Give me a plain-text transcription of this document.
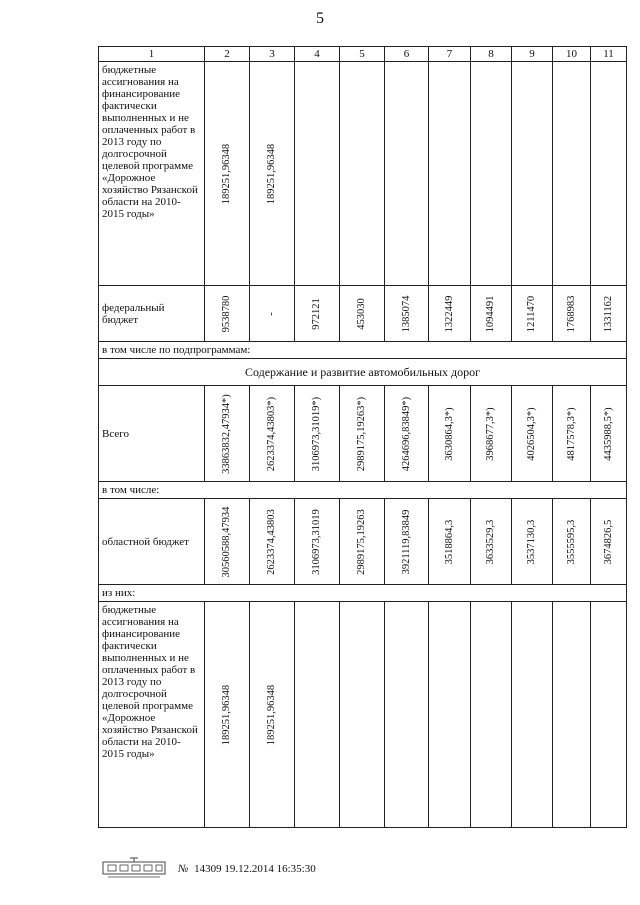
5
1	2	3	4	5	6	7	8	9	10	11
бюджетные ассигнования на финансирование фактически выполненных и не оплаченных работ в 2013 году по долгосрочной целевой программе «Дорожное хозяйство Рязанской области на 2010-2015 годы»	189251,96348	189251,96348								

федеральный бюджет	9538780	-	972121	453030	1385074	1322449	1094491	1211470	1768983	1331162

в том числе по подпрограммам:										
Содержание и развитие автомобильных дорог										
Всего	33863832,47934*)	2623374,43803*)	3106973,31019*)	2989175,19263*)	4264696,83849*)	3630864,3*)	3968677,3*)	4026504,3*)	4817578,3*)	4435988,5*)

в том числе:										
областной бюджет	30560588,47934	2623374,43803	3106973,31019	2989175,19263	3921119,83849	3518864,3	3633529,3	3537130,3	3555595,3	3674826,5

из них:										
бюджетные ассигнования на финансирование фактически выполненных и не оплаченных работ в 2013 году по долгосрочной целевой программе «Дорожное хозяйство Рязанской области на 2010-2015 годы»	189251,96348	189251,96348								

№ 14309 19.12.2014 16:35:30
